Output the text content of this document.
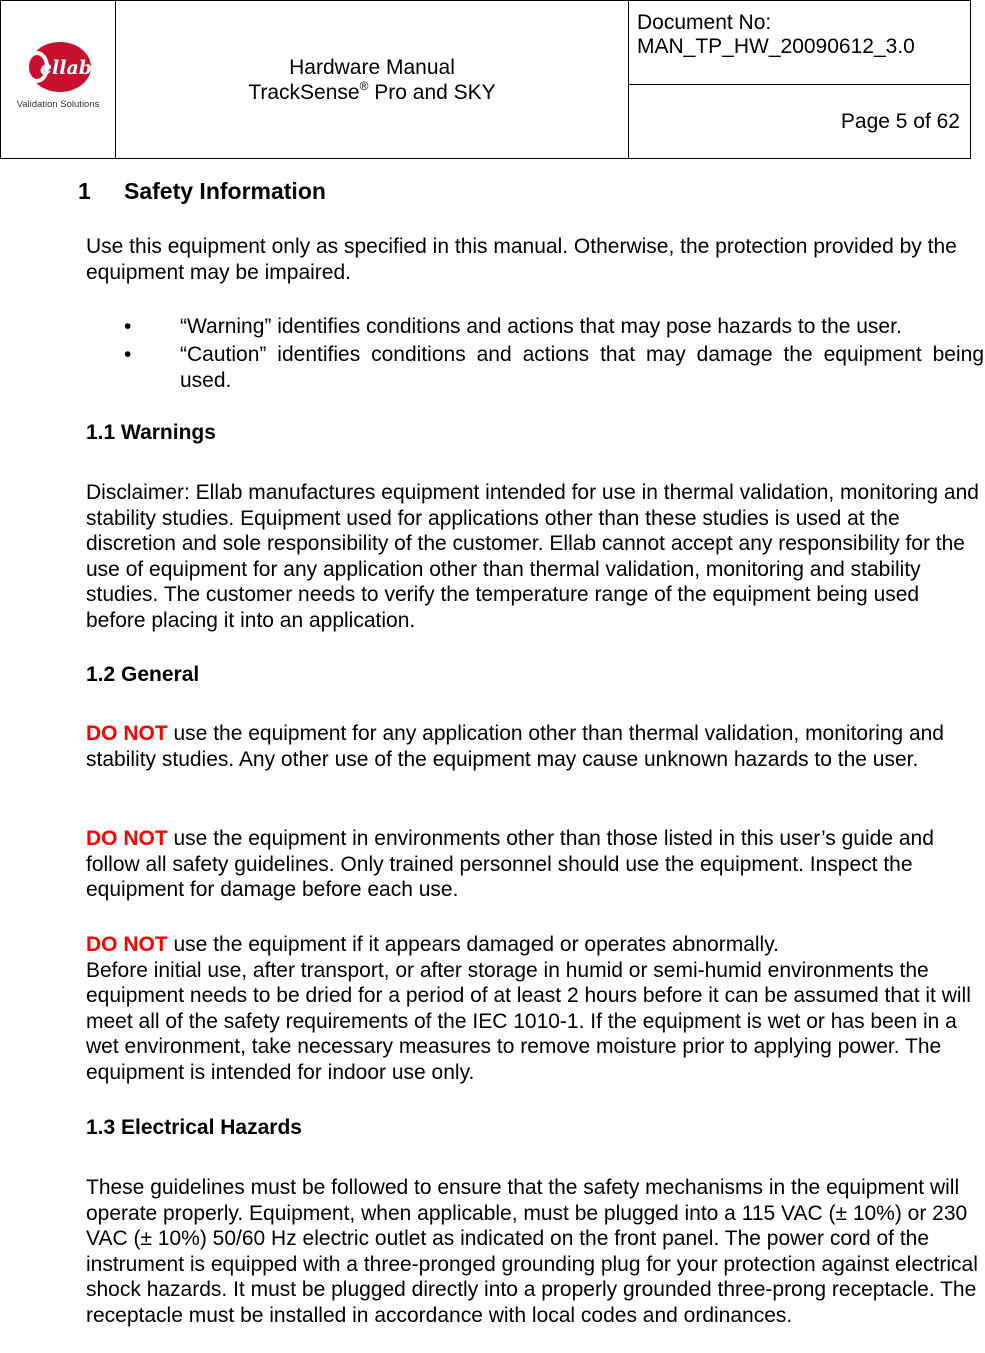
ellab
Validation Solutions

Hardware Manual
TrackSense® Pro and SKY

Document No:
MAN_TP_HW_20090612_3.0

Page 5 of 62
1 Safety Information
Use this equipment only as specified in this manual. Otherwise, the protection provided by the equipment may be impaired.
• “Warning” identifies conditions and actions that may pose hazards to the user.
• “Caution” identifies conditions and actions that may damage the equipment being used.
1.1 Warnings
Disclaimer: Ellab manufactures equipment intended for use in thermal validation, monitoring and stability studies. Equipment used for applications other than these studies is used at the discretion and sole responsibility of the customer. Ellab cannot accept any responsibility for the use of equipment for any application other than thermal validation, monitoring and stability studies. The customer needs to verify the temperature range of the equipment being used before placing it into an application.
1.2 General
DO NOT use the equipment for any application other than thermal validation, monitoring and stability studies. Any other use of the equipment may cause unknown hazards to the user.
DO NOT use the equipment in environments other than those listed in this user’s guide and follow all safety guidelines. Only trained personnel should use the equipment. Inspect the equipment for damage before each use.
DO NOT use the equipment if it appears damaged or operates abnormally.
Before initial use, after transport, or after storage in humid or semi-humid environments the equipment needs to be dried for a period of at least 2 hours before it can be assumed that it will meet all of the safety requirements of the IEC 1010-1. If the equipment is wet or has been in a wet environment, take necessary measures to remove moisture prior to applying power. The equipment is intended for indoor use only.
1.3 Electrical Hazards
These guidelines must be followed to ensure that the safety mechanisms in the equipment will operate properly. Equipment, when applicable, must be plugged into a 115 VAC (± 10%) or 230 VAC (± 10%) 50/60 Hz electric outlet as indicated on the front panel. The power cord of the instrument is equipped with a three-pronged grounding plug for your protection against electrical shock hazards. It must be plugged directly into a properly grounded three-prong receptacle. The receptacle must be installed in accordance with local codes and ordinances.
